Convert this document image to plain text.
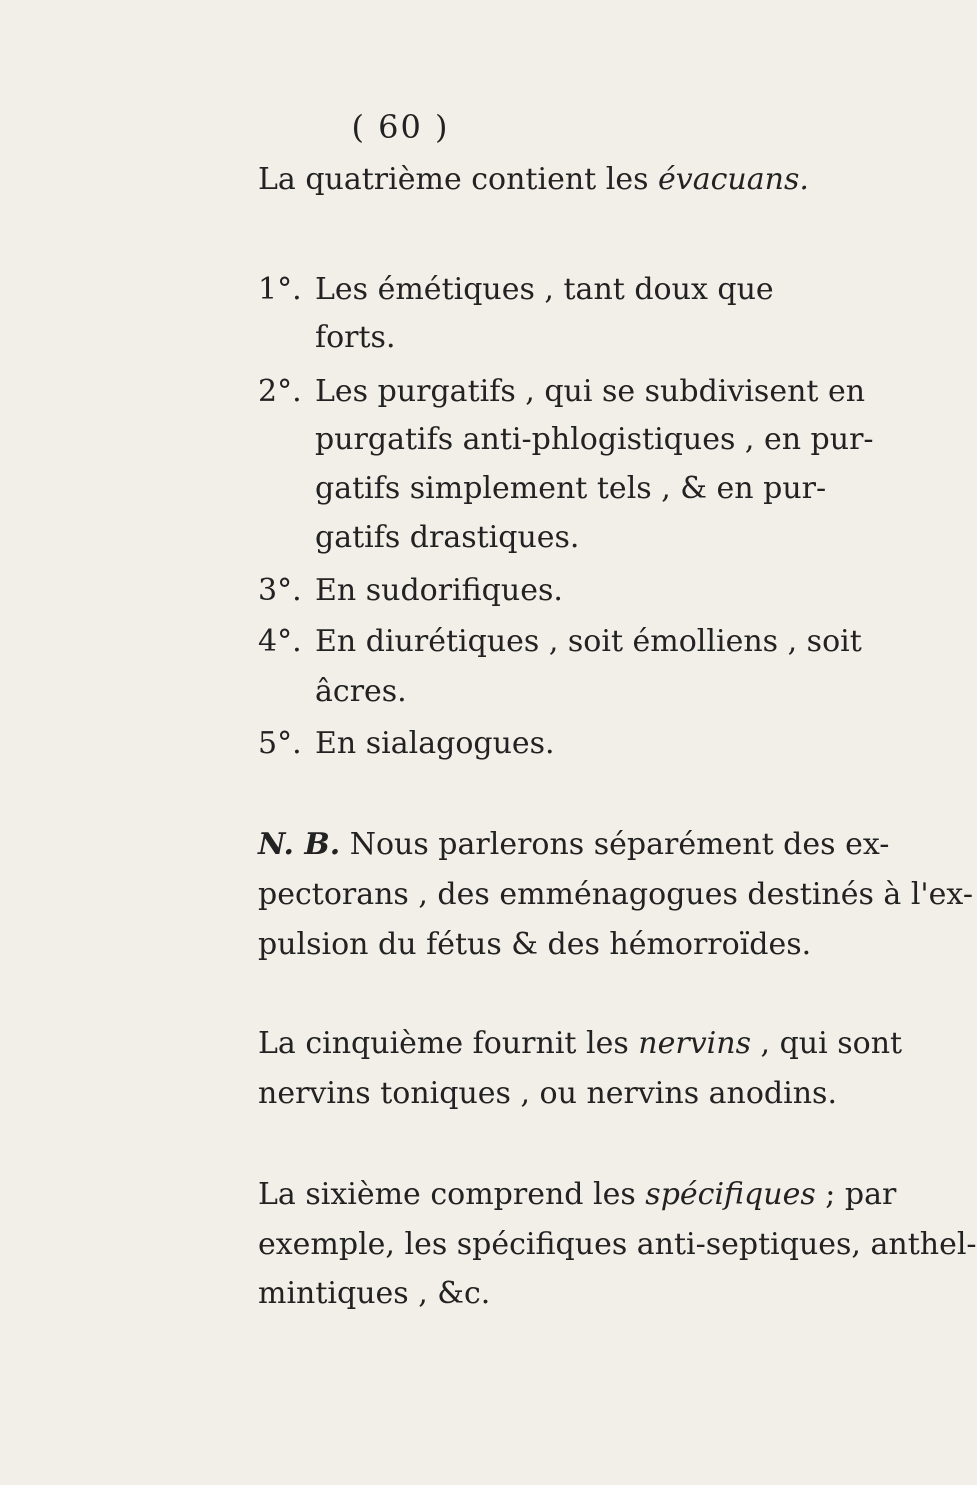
( 60 )
La quatrième contient les évacuans.
1°. Les émétiques , tant doux que
forts.
2°. Les purgatifs , qui se subdivisent en
purgatifs anti-phlogistiques , en pur-
gatifs simplement tels , & en pur-
gatifs drastiques.
3°. En sudorifiques.
4°. En diurétiques , soit émolliens , soit
âcres.
5°. En sialagogues.
N. B. Nous parlerons séparément des ex-
pectorans , des emménagogues destinés à l'ex-
pulsion du fétus & des hémorroïdes.
La cinquième fournit les nervins , qui sont
nervins toniques , ou nervins anodins.
La sixième comprend les spécifiques ; par
exemple, les spécifiques anti-septiques, anthel-
mintiques , &c.
